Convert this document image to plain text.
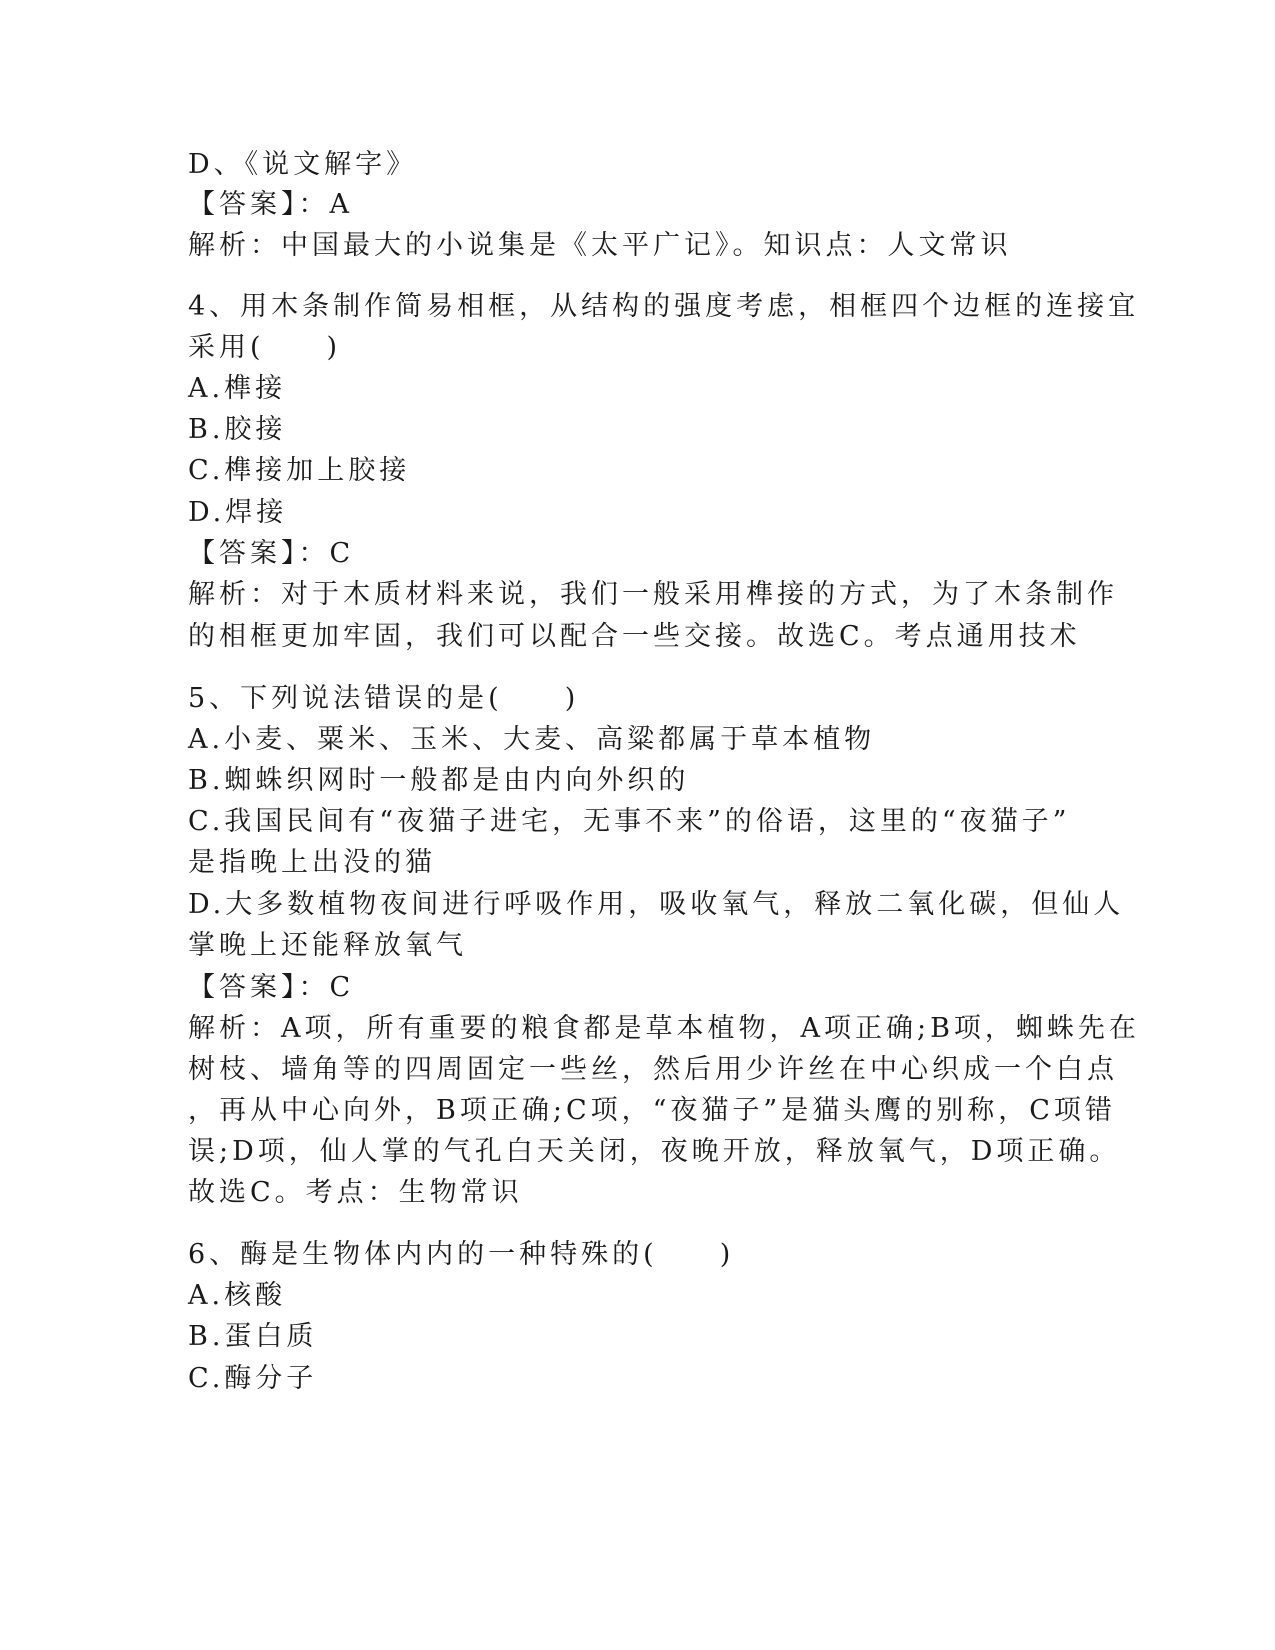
D、《说文解字》
【答案】：A
解析：中国最大的小说集是《太平广记》。知识点：人文常识
4、用木条制作简易相框，从结构的强度考虑，相框四个边框的连接宜
采用(　　)
A.榫接
B.胶接
C.榫接加上胶接
D.焊接
【答案】：C
解析：对于木质材料来说，我们一般采用榫接的方式，为了木条制作
的相框更加牢固，我们可以配合一些交接。故选C。考点通用技术
5、下列说法错误的是(　　)
A.小麦、粟米、玉米、大麦、高粱都属于草本植物
B.蜘蛛织网时一般都是由内向外织的
C.我国民间有“夜猫子进宅，无事不来”的俗语，这里的“夜猫子”
是指晚上出没的猫
D.大多数植物夜间进行呼吸作用，吸收氧气，释放二氧化碳，但仙人
掌晚上还能释放氧气
【答案】：C
解析：A项，所有重要的粮食都是草本植物，A项正确;B项，蜘蛛先在
树枝、墙角等的四周固定一些丝，然后用少许丝在中心织成一个白点
，再从中心向外，B项正确;C项，“夜猫子”是猫头鹰的别称，C项错
误;D项，仙人掌的气孔白天关闭，夜晚开放，释放氧气，D项正确。
故选C。考点：生物常识
6、酶是生物体内内的一种特殊的(　　)
A.核酸
B.蛋白质
C.酶分子
